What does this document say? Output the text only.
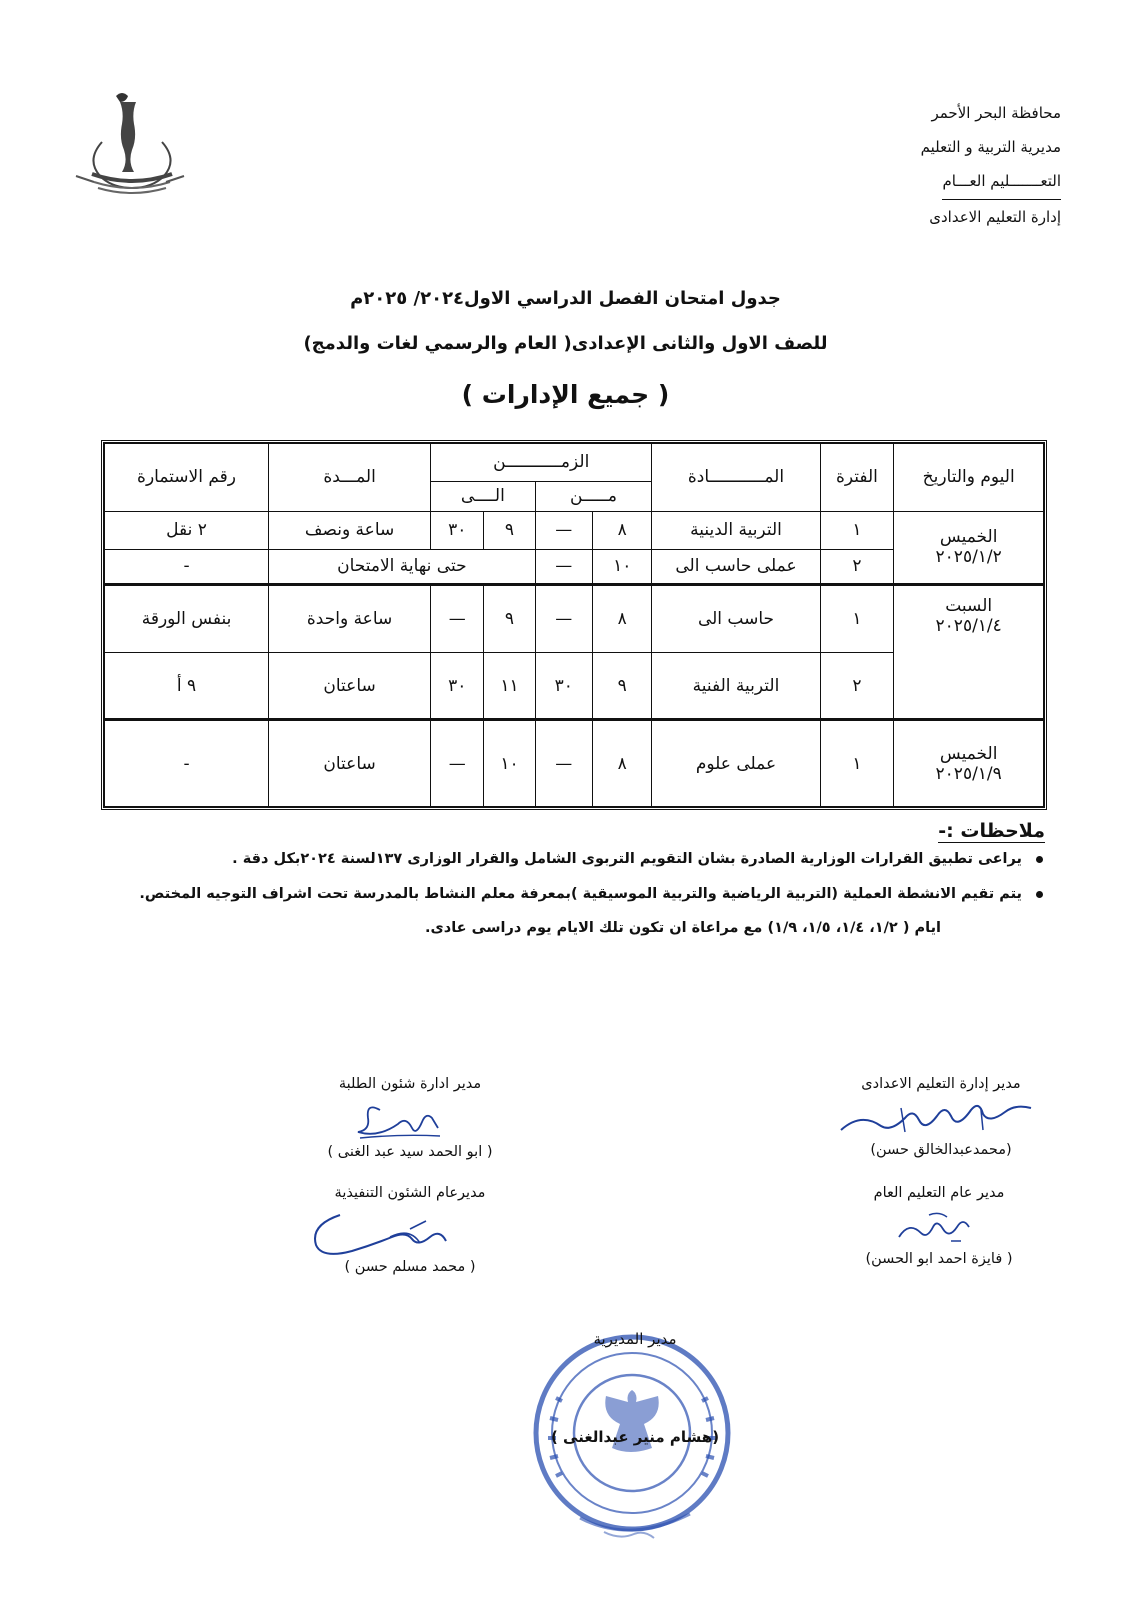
محافظة البحر الأحمر
مديرية التربية و التعليم
التعـــــــليم العـــام
إدارة التعليم الاعدادى
جدول امتحان الفصل الدراسي الاول٢٠٢٤/ ٢٠٢٥م
للصف الاول والثانى الإعدادى( العام والرسمي لغات والدمج)
( جميع الإدارات )
اليوم والتاريخ	الفترة	المـــــــــــادة	الزمـــــــــــن				المـــدة	رقم الاستمارة
			مـــــن		الــــى			

الخميس
٢٠٢٥/١/٢	١	التربية الدينية	٨	—	٩	٣٠	ساعة ونصف	٢ نقل
	٢	عملى حاسب الى	١٠	—	حتى نهاية الامتحان			-

السبت
٢٠٢٥/١/٤	١	حاسب الى	٨	—	٩	—	ساعة واحدة	بنفس الورقة
	٢	التربية الفنية	٩	٣٠	١١	٣٠	ساعتان	٩ أ

الخميس
٢٠٢٥/١/٩	١	عملى علوم	٨	—	١٠	—	ساعتان	-
ملاحظات :-
يراعى تطبيق القرارات الوزارية الصادرة بشان التقويم التربوى الشامل والقرار الوزارى ١٣٧لسنة ٢٠٢٤بكل دقة .
يتم تقيم الانشطة العملية (التربية الرياضية والتربية الموسيقية )بمعرفة معلم النشاط بالمدرسة تحت اشراف التوجيه المختص.
ايام ( ١/٢، ١/٤، ١/٥، ١/٩) مع مراعاة ان تكون تلك الايام يوم دراسى عادى.
مدير إدارة التعليم الاعدادى
(محمدعبدالخالق حسن)
مدير عام التعليم العام
( فايزة احمد ابو الحسن)
مدير ادارة شئون الطلبة
( ابو الحمد سيد عبد الغنى )
مديرعام الشئون التنفيذية
( محمد مسلم حسن )
مدير المديرية
(هشام منير عبدالغنى )
